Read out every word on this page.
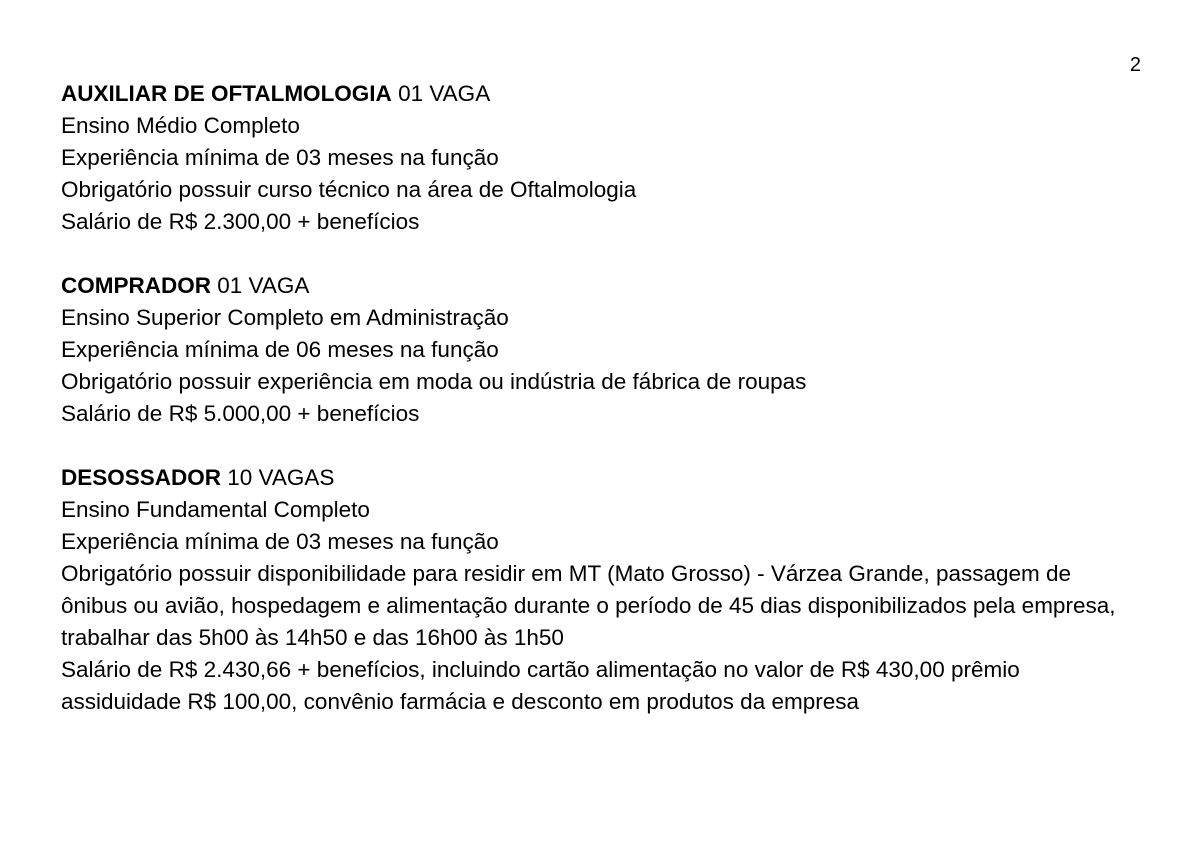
2
AUXILIAR DE OFTALMOLOGIA 01 VAGA
Ensino Médio Completo
Experiência mínima de 03 meses na função
Obrigatório possuir curso técnico na área de Oftalmologia
Salário de R$ 2.300,00 + benefícios
COMPRADOR 01 VAGA
Ensino Superior Completo em Administração
Experiência mínima de 06 meses na função
Obrigatório possuir experiência em moda ou indústria de fábrica de roupas
Salário de R$ 5.000,00 + benefícios
DESOSSADOR 10 VAGAS
Ensino Fundamental Completo
Experiência mínima de 03 meses na função
Obrigatório possuir disponibilidade para residir em MT (Mato Grosso) - Várzea Grande, passagem de ônibus ou avião, hospedagem e alimentação durante o período de 45 dias disponibilizados pela empresa, trabalhar das 5h00 às 14h50 e das 16h00 às 1h50
Salário de R$ 2.430,66 + benefícios, incluindo cartão alimentação no valor de R$ 430,00 prêmio assiduidade R$ 100,00, convênio farmácia e desconto em produtos da empresa
